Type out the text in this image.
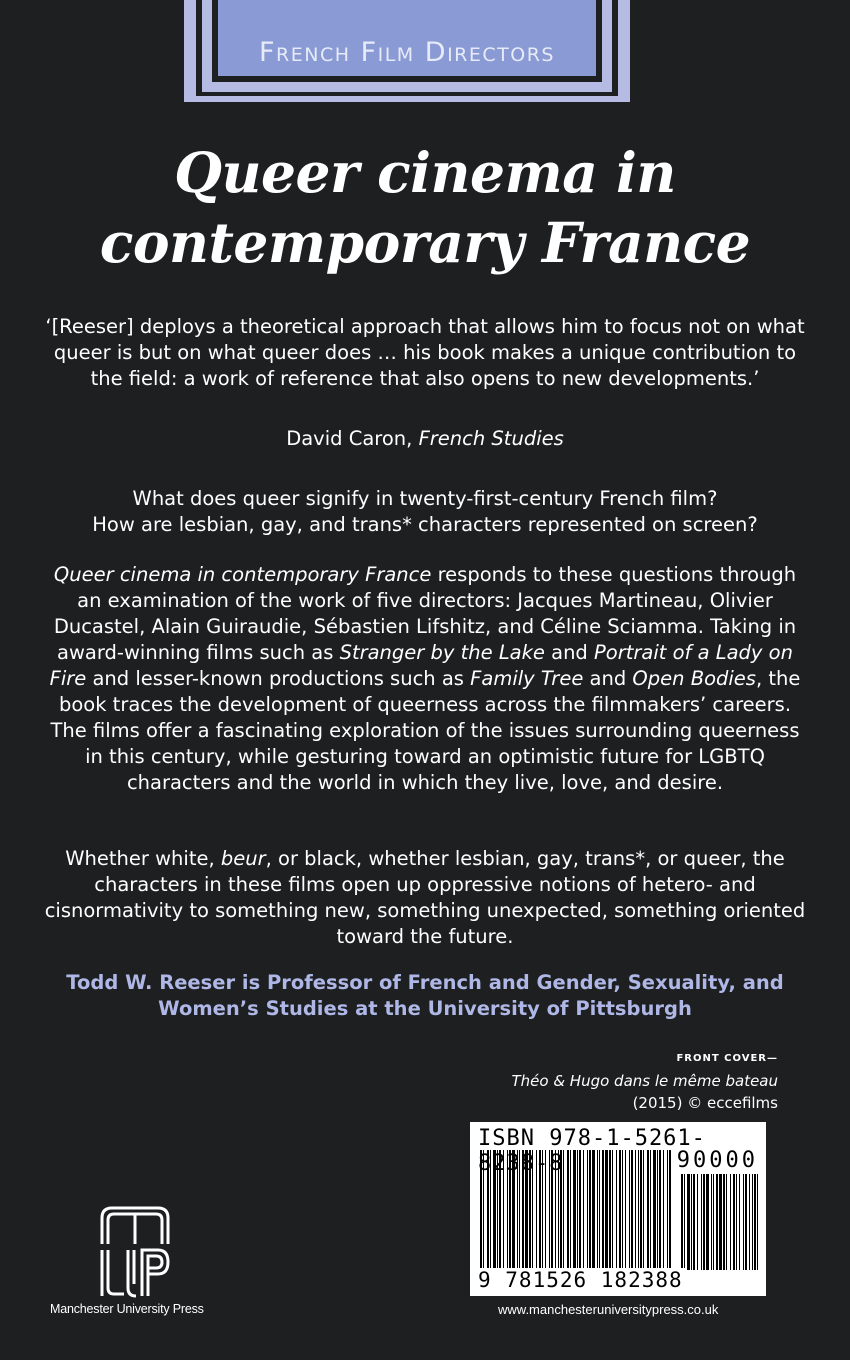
French Film Directors
Queer cinema in
contemporary France

‘[Reeser] deploys a theoretical approach that allows him to focus not on what queer is but on what queer does … his book makes a unique contribution to the field: a work of reference that also opens to new developments.’

David Caron, French Studies

What does queer signify in twenty-first-century French film?
How are lesbian, gay, and trans* characters represented on screen?

Queer cinema in contemporary France responds to these questions through an examination of the work of five directors: Jacques Martineau, Olivier Ducastel, Alain Guiraudie, Sébastien Lifshitz, and Céline Sciamma. Taking in award-winning films such as Stranger by the Lake and Portrait of a Lady on Fire and lesser-known productions such as Family Tree and Open Bodies, the book traces the development of queerness across the filmmakers’ careers. The films offer a fascinating exploration of the issues surrounding queerness in this century, while gesturing toward an optimistic future for LGBTQ characters and the world in which they live, love, and desire.

Whether white, beur, or black, whether lesbian, gay, trans*, or queer, the characters in these films open up oppressive notions of hetero- and cisnormativity to something new, something unexpected, something oriented toward the future.

Todd W. Reeser is Professor of French and Gender, Sexuality, and Women’s Studies at the University of Pittsburgh

FRONT COVER—
Théo & Hugo dans le même bateau
(2015) © eccefilms
ISBN 978-1-5261-8238-8	90000
9 781526 182388
Manchester University Press	www.manchesteruniversitypress.co.uk
